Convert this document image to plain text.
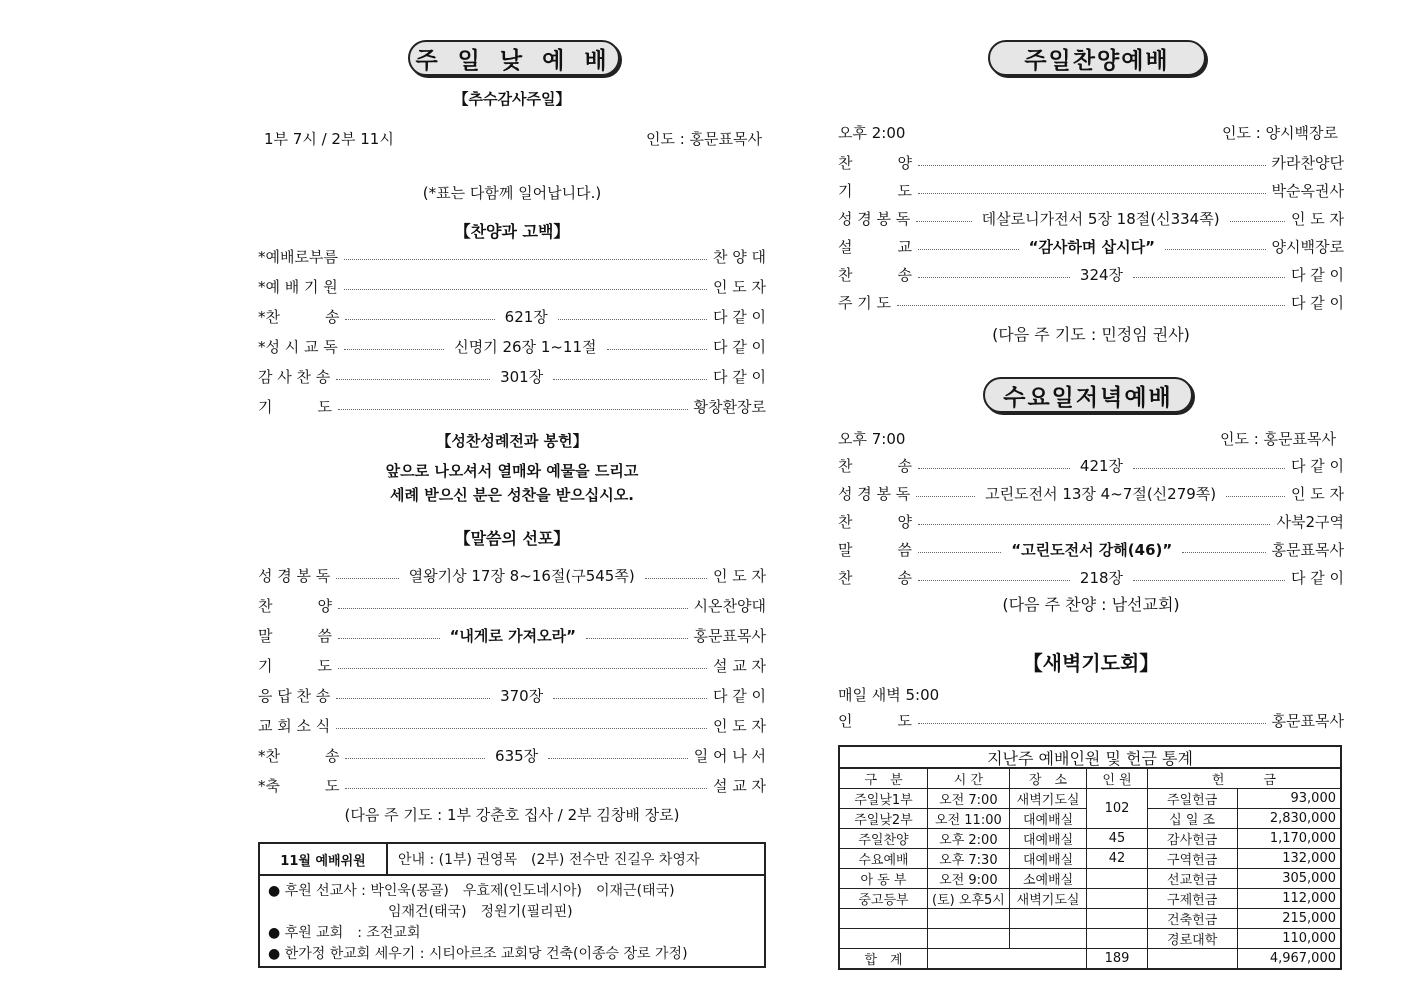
주 일 낮 예 배
【추수감사주일】
1부 7시 / 2부 11시	인도 : 홍문표목사
(*표는 다함께 일어납니다.)
【찬양과 고백】
*예배로부름	찬 양 대
*예 배 기 원	인 도 자
*찬　　　송	621장	다 같 이
*성 시 교 독	신명기 26장 1~11절	다 같 이
감 사 찬 송	301장	다 같 이
기　　　도	황창환장로
【성찬성례전과 봉헌】
앞으로 나오셔서 열매와 예물을 드리고
세례 받으신 분은 성찬을 받으십시오.
【말씀의 선포】
성 경 봉 독	열왕기상 17장 8~16절(구545쪽)	인 도 자
찬　　　양	시온찬양대
말　　　씀	“내게로 가져오라”	홍문표목사
기　　　도	설 교 자
응 답 찬 송	370장	다 같 이
교 회 소 식	인 도 자
*찬　　　송	635장	일 어 나 서
*축　　　도	설 교 자
(다음 주 기도 : 1부 강춘호 집사 / 2부 김창배 장로)
11월 예배위원	안내 : (1부) 권영목　(2부) 전수만 진길우 차영자
● 후원 선교사 : 박인욱(몽골)　우효제(인도네시아)　이재근(태국)
임재건(태국)　정원기(필리핀)
● 후원 교회　: 조전교회
● 한가정 한교회 세우기 : 시티아르조 교회당 건축(이종승 장로 가정)
주일찬양예배
오후 2:00	인도 : 양시백장로
찬　　　양	카라찬양단
기　　　도	박순옥권사
성 경 봉 독	데살로니가전서 5장 18절(신334쪽)	인 도 자
설　　　교	“감사하며 삽시다”	양시백장로
찬　　　송	324장	다 같 이
주 기 도	다 같 이
(다음 주 기도 : 민정임 권사)
수요일저녁예배
오후 7:00	인도 : 홍문표목사
찬　　　송	421장	다 같 이
성 경 봉 독	고린도전서 13장 4~7절(신279쪽)	인 도 자
찬　　　양	사북2구역
말　　　씀	“고린도전서 강해(46)”	홍문표목사
찬　　　송	218장	다 같 이
(다음 주 찬양 : 남선교회)
【새벽기도회】
매일 새벽 5:00
인　　　도	홍문표목사
지난주 예배인원 및 헌금 통계
구　분	시 간	장　소	인 원	헌　　　금	
주일낮1부	오전 7:00	새벽기도실	102	주일헌금	93,000
주일낮2부	오전 11:00	대예배실		십 일 조	2,830,000
주일찬양	오후 2:00	대예배실	45	감사헌금	1,170,000
수요예배	오후 7:30	대예배실	42	구역헌금	132,000
아 동 부	오전 9:00	소예배실		선교헌금	305,000
중고등부	(토) 오후5시	새벽기도실		구제헌금	112,000
				건축헌금	215,000
				경로대학	110,000
합　계			189		4,967,000
